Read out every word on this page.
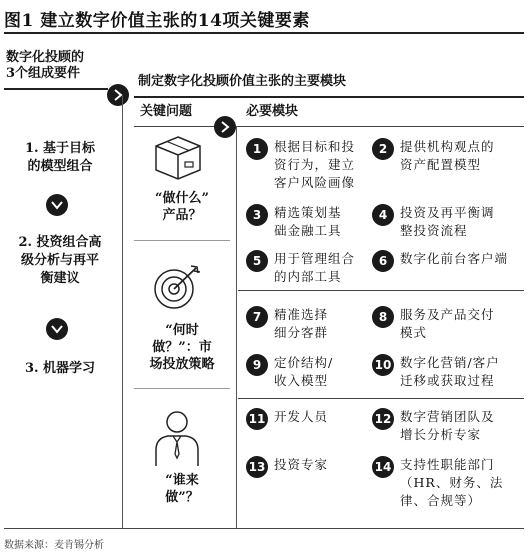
图1 建立数字价值主张的14项关键要素
数字化投顾的
3个组成要件
制定数字化投顾价值主张的主要模块
关键问题	必要模块
1. 基于目标
的模型组合
2. 投资组合高
级分析与再平
衡建议
3. 机器学习
“做什么”
产品？
“何时
做？”：市
场投放策略
“谁来
做”？
1	根据目标和投
资行为，建立
客户风险画像
2	提供机构观点的
资产配置模型
3	精选策划基
础金融工具
4	投资及再平衡调
整投资流程
5	用于管理组合
的内部工具
6	数字化前台客户端
7	精准选择
细分客群
8	服务及产品交付
模式
9	定价结构/
收入模型
10 数字化营销/客户
迁移或获取过程
11 开发人员	12 数字营销团队及
增长分析专家
13 投资专家	14 支持性职能部门
（HR、财务、法
律、合规等）
数据来源：麦肯锡分析
